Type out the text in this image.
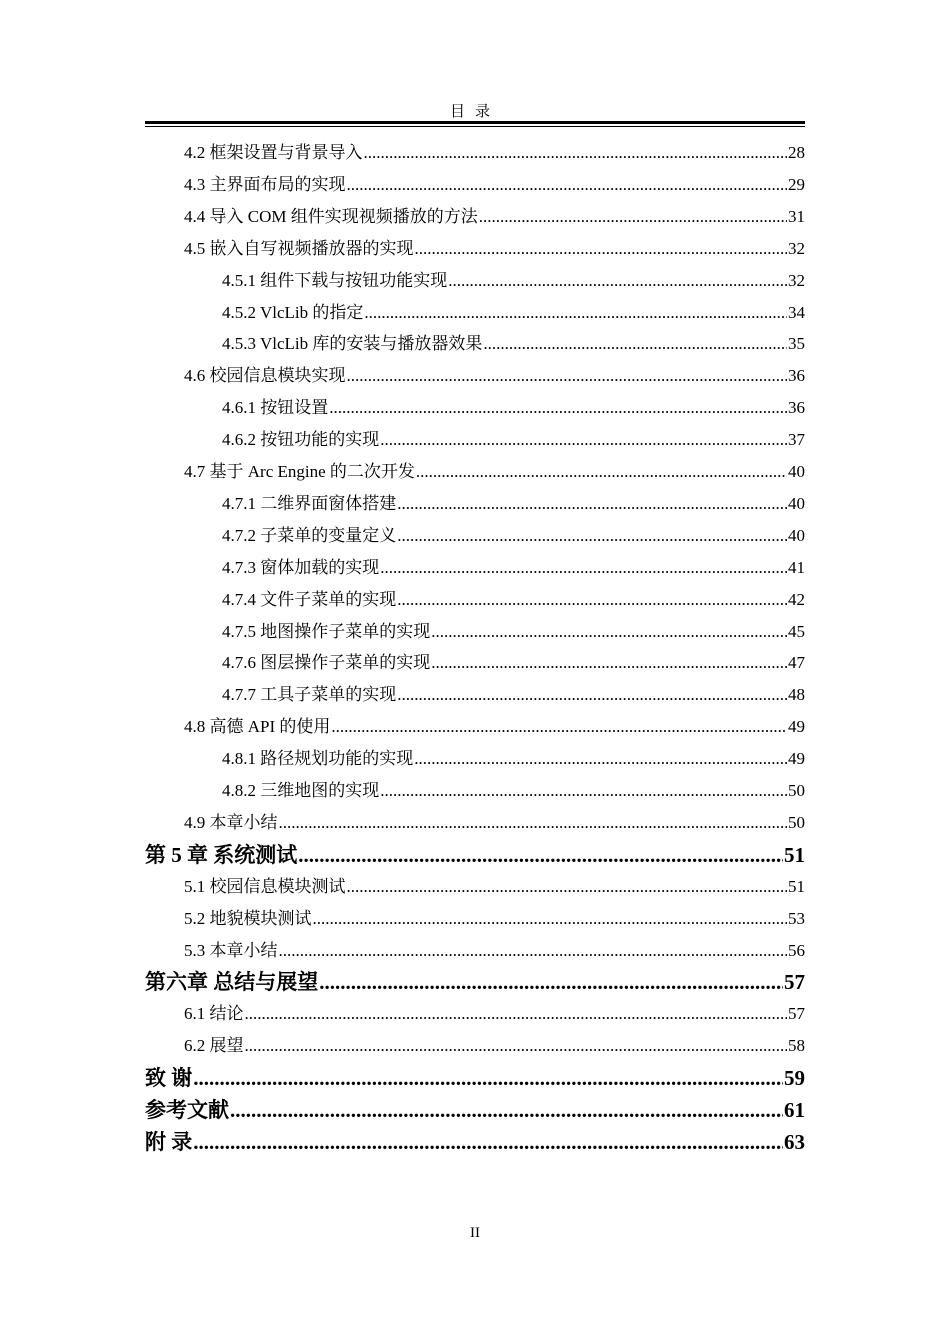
目录
4.2 框架设置与背景导入 .....	28
4.3 主界面布局的实现 .....	29
4.4 导入 COM 组件实现视频播放的方法 .....	31
4.5 嵌入自写视频播放器的实现 .....	32
4.5.1 组件下载与按钮功能实现 .....	32
4.5.2 VlcLib 的指定 .....	34
4.5.3 VlcLib 库的安装与播放器效果 .....	35
4.6 校园信息模块实现 .....	36
4.6.1 按钮设置 .....	36
4.6.2 按钮功能的实现 .....	37
4.7 基于 Arc Engine 的二次开发 .....	40
4.7.1 二维界面窗体搭建 .....	40
4.7.2 子菜单的变量定义 .....	40
4.7.3 窗体加载的实现 .....	41
4.7.4 文件子菜单的实现 .....	42
4.7.5 地图操作子菜单的实现 .....	45
4.7.6 图层操作子菜单的实现 .....	47
4.7.7 工具子菜单的实现 .....	48
4.8 高德 API 的使用 .....	49
4.8.1 路径规划功能的实现 .....	49
4.8.2 三维地图的实现 .....	50
4.9 本章小结 .....	50
第 5 章 系统测试 .....	51
5.1 校园信息模块测试 .....	51
5.2 地貌模块测试 .....	53
5.3 本章小结 .....	56
第六章 总结与展望 .....	57
6.1 结论 .....	57
6.2 展望 .....	58
致 谢 .....	59
参考文献 .....	61
附 录 .....	63
II
